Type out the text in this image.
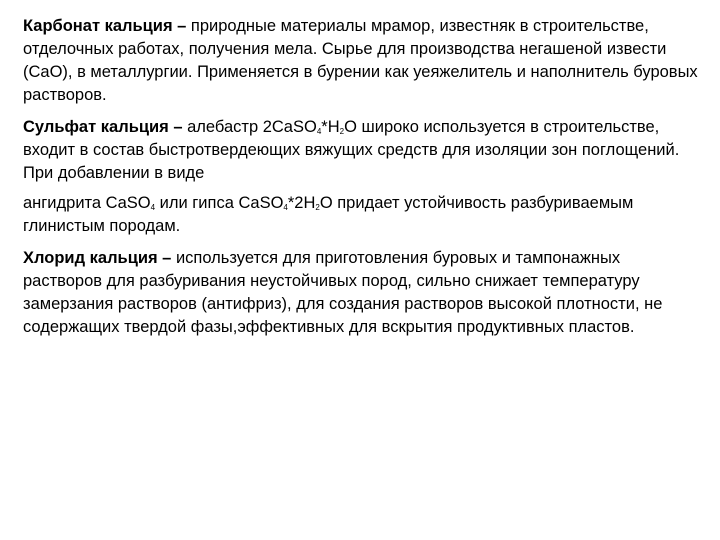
Карбонат кальция – природные материалы мрамор, известняк в строительстве, отделочных работах, получения мела. Сырье для производства негашеной извести (CaO), в металлургии. Применяется в бурении как уеяжелитель и наполнитель буровых растворов.

Сульфат кальция – алебастр $2CaSO_4*H_2O$ широко используется в строительстве, входит в состав быстротвердеющих вяжущих средств для изоляции зон поглощений. При добавлении в виде

ангидрита CaSO$_4$ или гипса $CaSO_4*2H_2O$ придает устойчивость разбуриваемым глинистым породам.

Хлорид кальция – используется для приготовления буровых и тампонажных растворов для разбуривания неустойчивых пород, сильно снижает температуру замерзания растворов (антифриз), для создания растворов высокой плотности, не содержащих твердой фазы,эффективных для вскрытия продуктивных пластов.
